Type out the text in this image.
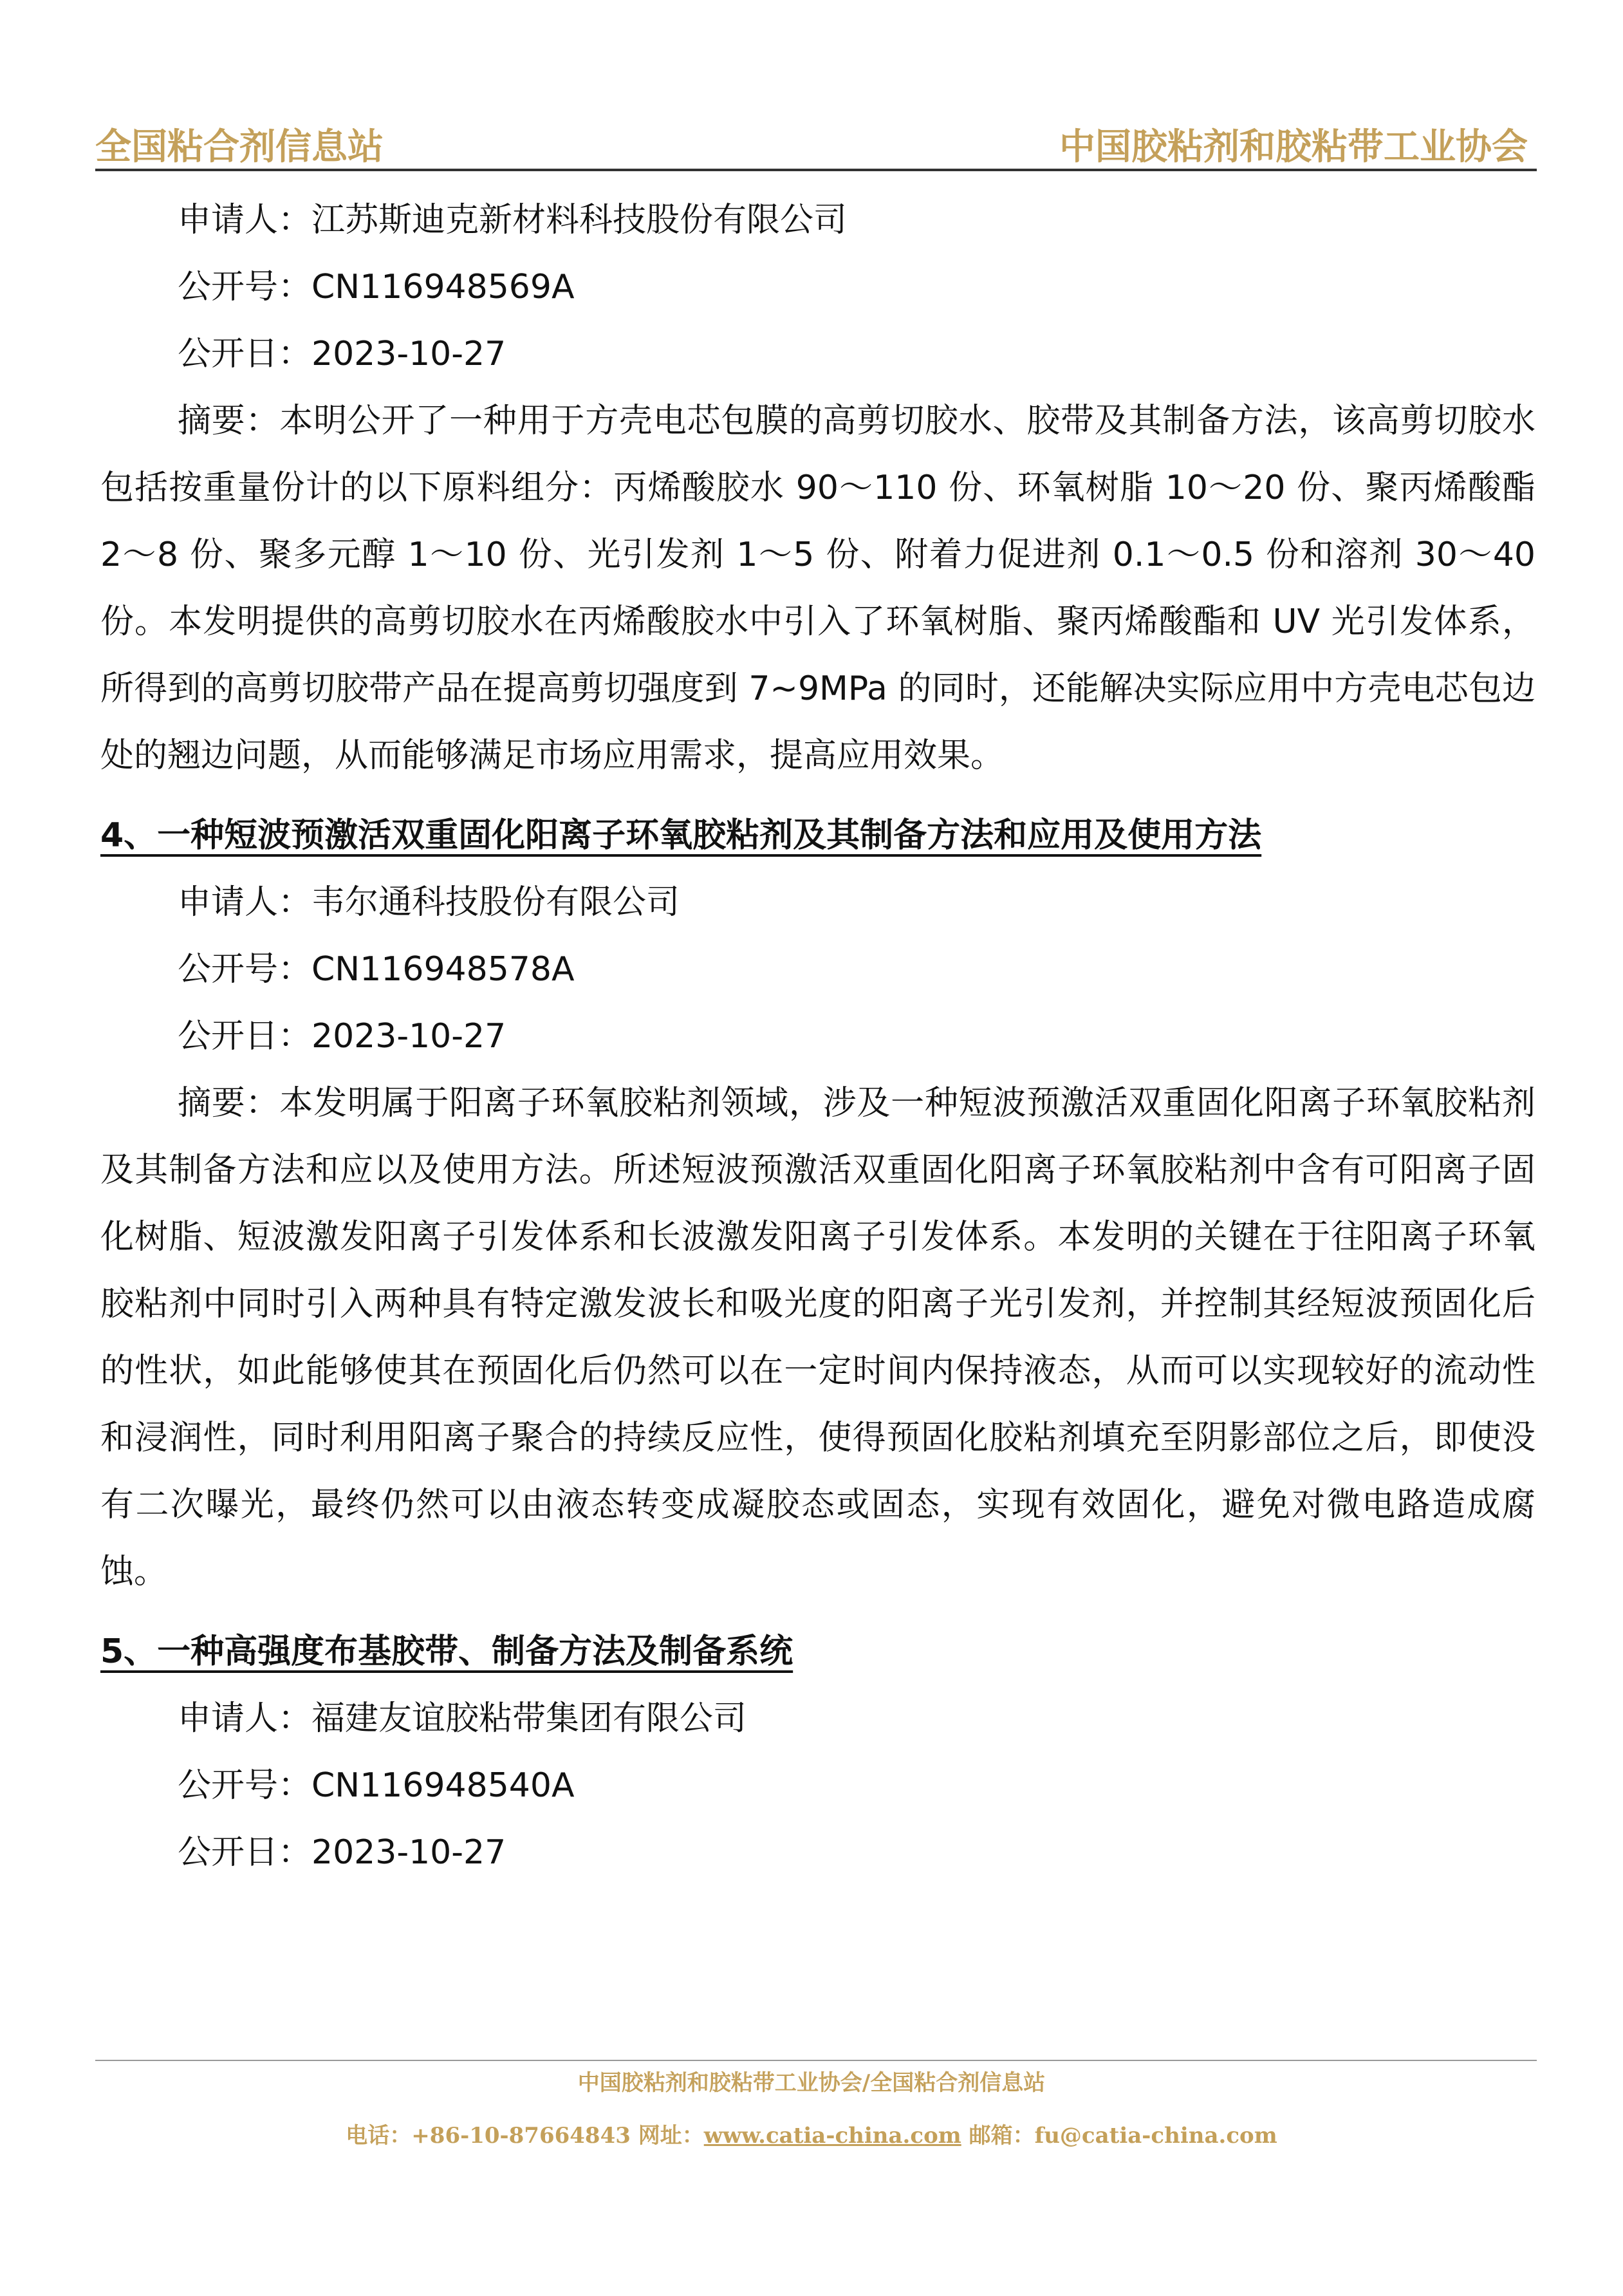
全国粘合剂信息站	中国胶粘剂和胶粘带工业协会
申请人：江苏斯迪克新材料科技股份有限公司
公开号：CN116948569A
公开日：2023-10-27

摘要：本明公开了一种用于方壳电芯包膜的高剪切胶水、胶带及其制备方法，该高剪切胶水包括按重量份计的以下原料组分：丙烯酸胶水 90～110 份、环氧树脂 10～20 份、聚丙烯酸酯 2～8 份、聚多元醇 1～10 份、光引发剂 1～5 份、附着力促进剂 0.1～0.5 份和溶剂 30～40 份。本发明提供的高剪切胶水在丙烯酸胶水中引入了环氧树脂、聚丙烯酸酯和 UV 光引发体系，所得到的高剪切胶带产品在提高剪切强度到 7~9MPa 的同时，还能解决实际应用中方壳电芯包边处的翘边问题，从而能够满足市场应用需求，提高应用效果。

4、一种短波预激活双重固化阳离子环氧胶粘剂及其制备方法和应用及使用方法
申请人：韦尔通科技股份有限公司
公开号：CN116948578A
公开日：2023-10-27

摘要：本发明属于阳离子环氧胶粘剂领域，涉及一种短波预激活双重固化阳离子环氧胶粘剂及其制备方法和应以及使用方法。所述短波预激活双重固化阳离子环氧胶粘剂中含有可阳离子固化树脂、短波激发阳离子引发体系和长波激发阳离子引发体系。本发明的关键在于往阳离子环氧胶粘剂中同时引入两种具有特定激发波长和吸光度的阳离子光引发剂，并控制其经短波预固化后的性状，如此能够使其在预固化后仍然可以在一定时间内保持液态，从而可以实现较好的流动性和浸润性，同时利用阳离子聚合的持续反应性，使得预固化胶粘剂填充至阴影部位之后，即使没有二次曝光，最终仍然可以由液态转变成凝胶态或固态，实现有效固化，避免对微电路造成腐蚀。

5、一种高强度布基胶带、制备方法及制备系统
申请人：福建友谊胶粘带集团有限公司
公开号：CN116948540A
公开日：2023-10-27
中国胶粘剂和胶粘带工业协会/全国粘合剂信息站
电话：+86-10-87664843 网址：www.catia-china.com 邮箱：fu@catia-china.com
